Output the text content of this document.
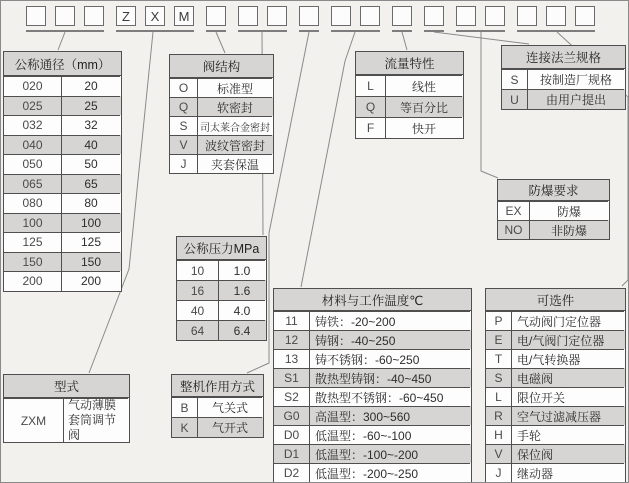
Z	X	M
公称通径（mm）
020	20
025	25
032	32
040	40
050	50
065	65
080	80
100	100
125	125
150	150
200	200
阀结构
O	标准型
Q	软密封
S	司太莱合金密封
V	波纹管密封
J	夹套保温
流量特性
L	线性
Q	等百分比
F	快开
连接法兰规格
S	按制造厂规格
U	由用户提出
防爆要求
EX	防爆
NO	非防爆
公称压力MPa
10	1.0
16	1.6
40	4.0
64	6.4
材料与工作温度℃
11	铸铁：-20~200
12	铸钢：-40~250
13	铸不锈钢：-60~250
S1	散热型铸钢：-40~450
S2	散热型不锈钢：-60~450
G0	高温型：300~560
D0	低温型：-60~-100
D1	低温型：-100~-200
D2	低温型：-200~-250
可选件
P	气动阀门定位器
E	电/气阀门定位器
T	电/气转换器
S	电磁阀
L	限位开关
R	空气过滤减压器
H	手轮
V	保位阀
J	继动器
型式
ZXM
气动薄膜套筒调节阀
整机作用方式
B	气关式
K	气开式
